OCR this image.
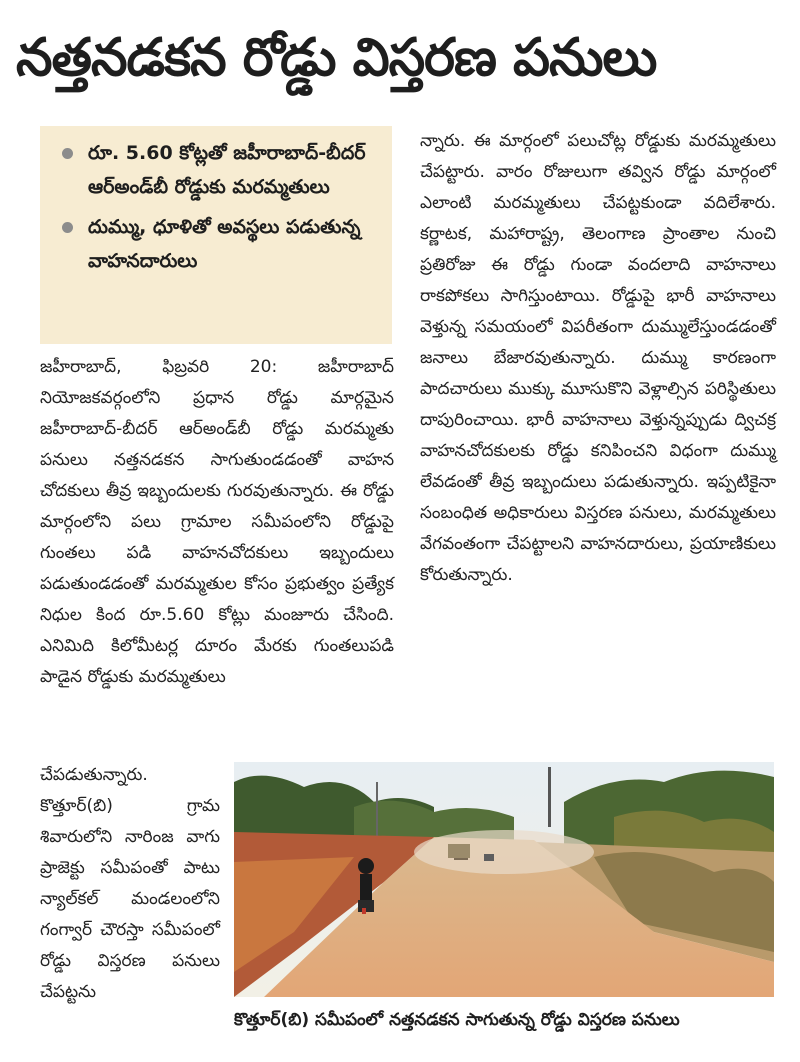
నత్తనడకన రోడ్డు విస్తరణ పనులు
రూ. 5.60 కోట్లతో జహీరాబాద్‌-బీదర్‌ ఆర్‌అండ్‌బీ రోడ్డుకు మరమ్మతులు
దుమ్ము, ధూళితో అవస్థలు పడుతున్న వాహనదారులు
జహీరాబాద్‌, ఫిబ్రవరి 20: జహీరాబాద్‌ నియోజకవర్గంలోని ప్రధాన రోడ్డు మార్గమైన జహీరాబాద్‌-బీదర్‌ ఆర్‌అండ్‌బీ రోడ్డు మరమ్మతు పనులు నత్తనడకన సాగుతుండడంతో వాహన చోదకులు తీవ్ర ఇబ్బందులకు గురవుతున్నారు. ఈ రోడ్డు మార్గంలోని పలు గ్రామాల సమీపంలోని రోడ్డుపై గుంతలు పడి వాహనచోదకులు ఇబ్బందులు పడుతుండడంతో మరమ్మతుల కోసం ప్రభుత్వం ప్రత్యేక నిధుల కింద రూ.5.60 కోట్లు మంజూరు చేసింది. ఎనిమిది కిలోమీటర్ల దూరం మేరకు గుంతలుపడి పాడైన రోడ్డుకు మరమ్మతులు
చేపడుతున్నారు. కొత్తూర్‌(బి) గ్రామ శివారులోని నారింజ వాగు ప్రాజెక్టు సమీపంతో పాటు న్యాల్‌కల్‌ మండలంలోని గంగ్వార్‌ చౌరస్తా సమీపంలో రోడ్డు విస్తరణ పనులు చేపట్టను
న్నారు. ఈ మార్గంలో పలుచోట్ల రోడ్డుకు మరమ్మతులు చేపట్టారు. వారం రోజులుగా తవ్విన రోడ్డు మార్గంలో ఎలాంటి మరమ్మతులు చేపట్టకుండా వదిలేశారు. కర్ణాటక, మహారాష్ట్ర, తెలంగాణ ప్రాంతాల నుంచి ప్రతిరోజు ఈ రోడ్డు గుండా వందలాది వాహనాలు రాకపోకలు సాగిస్తుంటాయి. రోడ్డుపై భారీ వాహనాలు వెళ్తున్న సమయంలో విపరీతంగా దుమ్ములేస్తుండడంతో జనాలు బేజారవుతున్నారు. దుమ్ము కారణంగా పాదచారులు ముక్కు మూసుకొని వెళ్లాల్సిన పరిస్థితులు దాపురించాయి. భారీ వాహనాలు వెళ్తున్నప్పుడు ద్విచక్ర వాహనచోదకులకు రోడ్డు కనిపించని విధంగా దుమ్ము లేవడంతో తీవ్ర ఇబ్బందులు పడుతున్నారు. ఇప్పటికైనా సంబంధిత అధికారులు విస్తరణ పనులు, మరమ్మతులు వేగవంతంగా చేపట్టాలని వాహనదారులు, ప్రయాణికులు కోరుతున్నారు.
కొత్తూర్‌(బి) సమీపంలో నత్తనడకన సాగుతున్న రోడ్డు విస్తరణ పనులు
